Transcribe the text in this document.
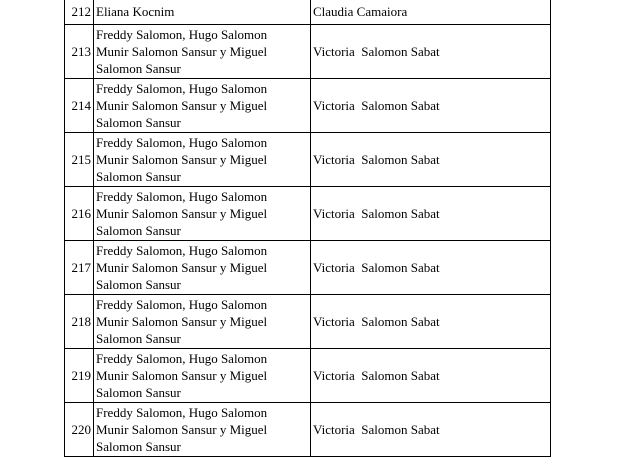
212	Eliana Kocnim	Claudia Camaiora
213	Freddy Salomon, Hugo Salomon
Munir Salomon Sansur y Miguel
Salomon Sansur	Victoria  Salomon Sabat
214	Freddy Salomon, Hugo Salomon
Munir Salomon Sansur y Miguel
Salomon Sansur	Victoria  Salomon Sabat
215	Freddy Salomon, Hugo Salomon
Munir Salomon Sansur y Miguel
Salomon Sansur	Victoria  Salomon Sabat
216	Freddy Salomon, Hugo Salomon
Munir Salomon Sansur y Miguel
Salomon Sansur	Victoria  Salomon Sabat
217	Freddy Salomon, Hugo Salomon
Munir Salomon Sansur y Miguel
Salomon Sansur	Victoria  Salomon Sabat
218	Freddy Salomon, Hugo Salomon
Munir Salomon Sansur y Miguel
Salomon Sansur	Victoria  Salomon Sabat
219	Freddy Salomon, Hugo Salomon
Munir Salomon Sansur y Miguel
Salomon Sansur	Victoria  Salomon Sabat
220	Freddy Salomon, Hugo Salomon
Munir Salomon Sansur y Miguel
Salomon Sansur	Victoria  Salomon Sabat
